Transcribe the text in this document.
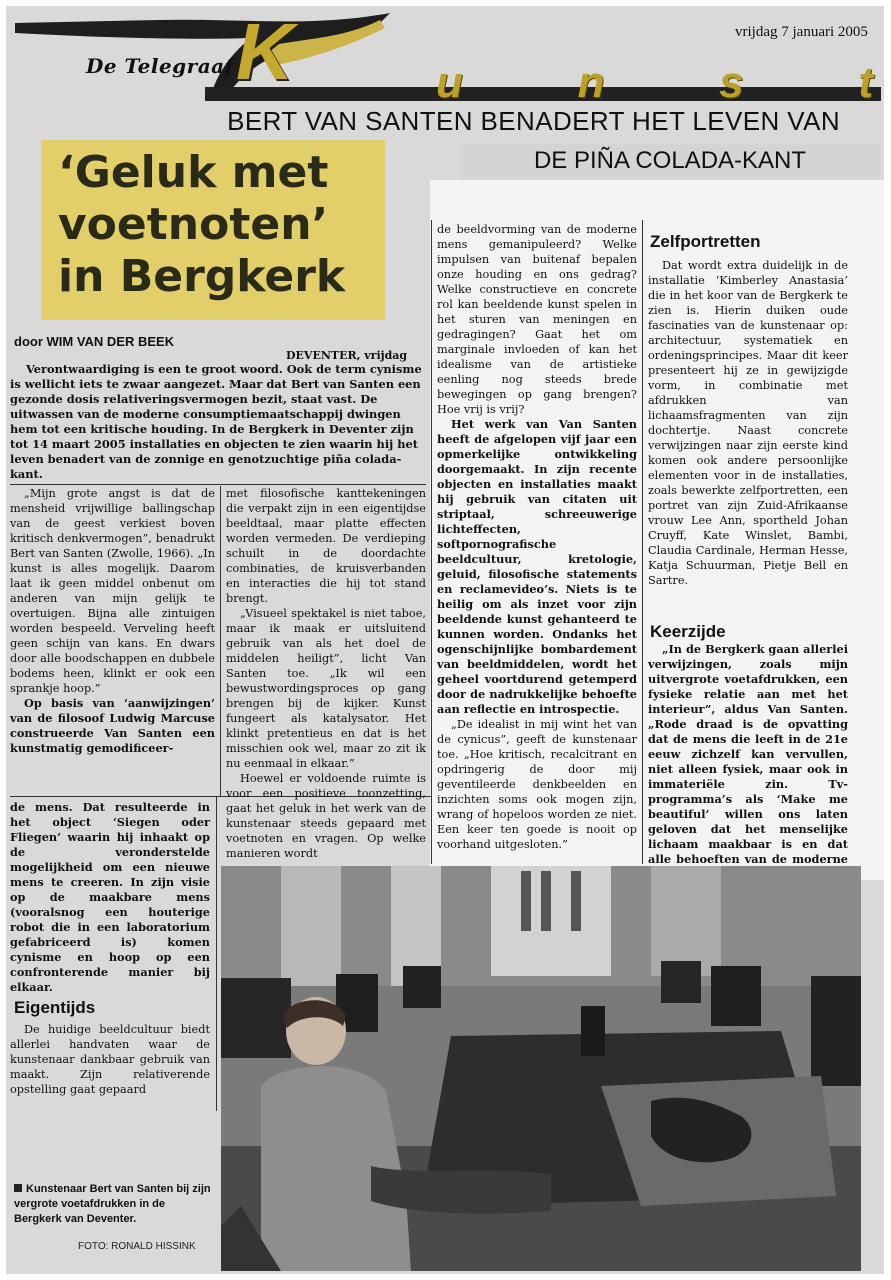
De Telegraaf
vrijdag 7 januari 2005
u	n	s	t
K
BERT VAN SANTEN BENADERT HET LEVEN VAN
DE PIÑA COLADA-KANT
‘Geluk met
voetnoten’
in Bergkerk
door WIM VAN DER BEEK
DEVENTER, vrijdag
Verontwaardiging is een te groot woord. Ook de term cynisme is wellicht iets te zwaar aangezet. Maar dat Bert van Santen een gezonde dosis relativeringsvermogen bezit, staat vast. De uitwassen van de moderne consumptiemaatschappij dwingen hem tot een kritische houding. In de Bergkerk in Deventer zijn tot 14 maart 2005 installaties en objecten te zien waarin hij het leven benadert van de zonnige en genotzuchtige piña colada-kant.

„Mijn grote angst is dat de mensheid vrijwillige ballingschap van de geest verkiest boven kritisch denkvermogen”, benadrukt Bert van Santen (Zwolle, 1966). „In kunst is alles mogelijk. Daarom laat ik geen middel onbenut om anderen van mijn gelijk te overtuigen. Bijna alle zintuigen worden bespeeld. Verveling heeft geen schijn van kans. En dwars door alle boodschappen en dubbele bodems heen, klinkt er ook een sprankje hoop.”

Op basis van ‘aanwijzingen’ van de filosoof Ludwig Marcuse construeerde Van Santen een kunstmatig gemodificeer-

met filosofische kanttekeningen die verpakt zijn in een eigentijdse beeldtaal, maar platte effecten worden vermeden. De verdieping schuilt in de doordachte combinaties, de kruisverbanden en interacties die hij tot stand brengt.

„Visueel spektakel is niet taboe, maar ik maak er uitsluitend gebruik van als het doel de middelen heiligt”, licht Van Santen toe. „Ik wil een bewustwordingsproces op gang brengen bij de kijker. Kunst fungeert als katalysator. Het klinkt pretentieus en dat is het misschien ook wel, maar zo zit ik nu eenmaal in elkaar.”

Hoewel er voldoende ruimte is voor een positieve toonzetting, gaat het geluk in het werk van de kunstenaar steeds gepaard met voetnoten en vragen. Op welke manieren wordt

de beeldvorming van de moderne mens gemanipuleerd? Welke impulsen van buitenaf bepalen onze houding en ons gedrag? Welke constructieve en concrete rol kan beeldende kunst spelen in het sturen van meningen en gedragingen? Gaat het om marginale invloeden of kan het idealisme van de artistieke eenling nog steeds brede bewegingen op gang brengen? Hoe vrij is vrij?

Het werk van Van Santen heeft de afgelopen vijf jaar een opmerkelijke ontwikkeling doorgemaakt. In zijn recente objecten en installaties maakt hij gebruik van citaten uit striptaal, schreeuwerige lichteffecten, softpornografische beeldcultuur, kretologie, geluid, filosofische statements en reclamevideo’s. Niets is te heilig om als inzet voor zijn beeldende kunst gehanteerd te kunnen worden. Ondanks het ogenschijnlijke bombardement van beeldmiddelen, wordt het geheel voortdurend getemperd door de nadrukkelijke behoefte aan reflectie en introspectie.

„De idealist in mij wint het van de cynicus”, geeft de kunstenaar toe. „Hoe kritisch, recalcitrant en opdringerig de door mij geventileerde denkbeelden en inzichten soms ook mogen zijn, wrang of hopeloos worden ze niet. Een keer ten goede is nooit op voorhand uitgesloten.”

de mens. Dat resulteerde in het object ‘Siegen oder Fliegen’ waarin hij inhaakt op de veronderstelde mogelijkheid om een nieuwe mens te creeren. In zijn visie op de maakbare mens (vooralsnog een houterige robot die in een laboratorium gefabriceerd is) komen cynisme en hoop op een confronterende manier bij elkaar.

Eigentijds

De huidige beeldcultuur biedt allerlei handvaten waar de kunstenaar dankbaar gebruik van maakt. Zijn relativerende opstelling gaat gepaard

Zelfportretten

Dat wordt extra duidelijk in de installatie ‘Kimberley Anastasia’ die in het koor van de Bergkerk te zien is. Hierin duiken oude fascinaties van de kunstenaar op: architectuur, systematiek en ordeningsprincipes. Maar dit keer presenteert hij ze in gewijzigde vorm, in combinatie met afdrukken van lichaamsfragmenten van zijn dochtertje. Naast concrete verwijzingen naar zijn eerste kind komen ook andere persoonlijke elementen voor in de installaties, zoals bewerkte zelfportretten, een portret van zijn Zuid-Afrikaanse vrouw Lee Ann, sportheld Johan Cruyff, Kate Winslet, Bambi, Claudia Cardinale, Herman Hesse, Katja Schuurman, Pietje Bell en Sartre.

Keerzijde

„In de Bergkerk gaan allerlei verwijzingen, zoals mijn uitvergrote voetafdrukken, een fysieke relatie aan met het interieur”, aldus Van Santen. „Rode draad is de opvatting dat de mens die leeft in de 21e eeuw zichzelf kan vervullen, niet alleen fysiek, maar ook in immateriële zin. Tv-programma’s als ‘Make me beautiful’ willen ons laten geloven dat het menselijke lichaam maakbaar is en dat alle behoeften van de moderne

Kunstenaar Bert van Santen bij zijn vergrote voetafdrukken in de Bergkerk van Deventer.
FOTO: RONALD HISSINK
